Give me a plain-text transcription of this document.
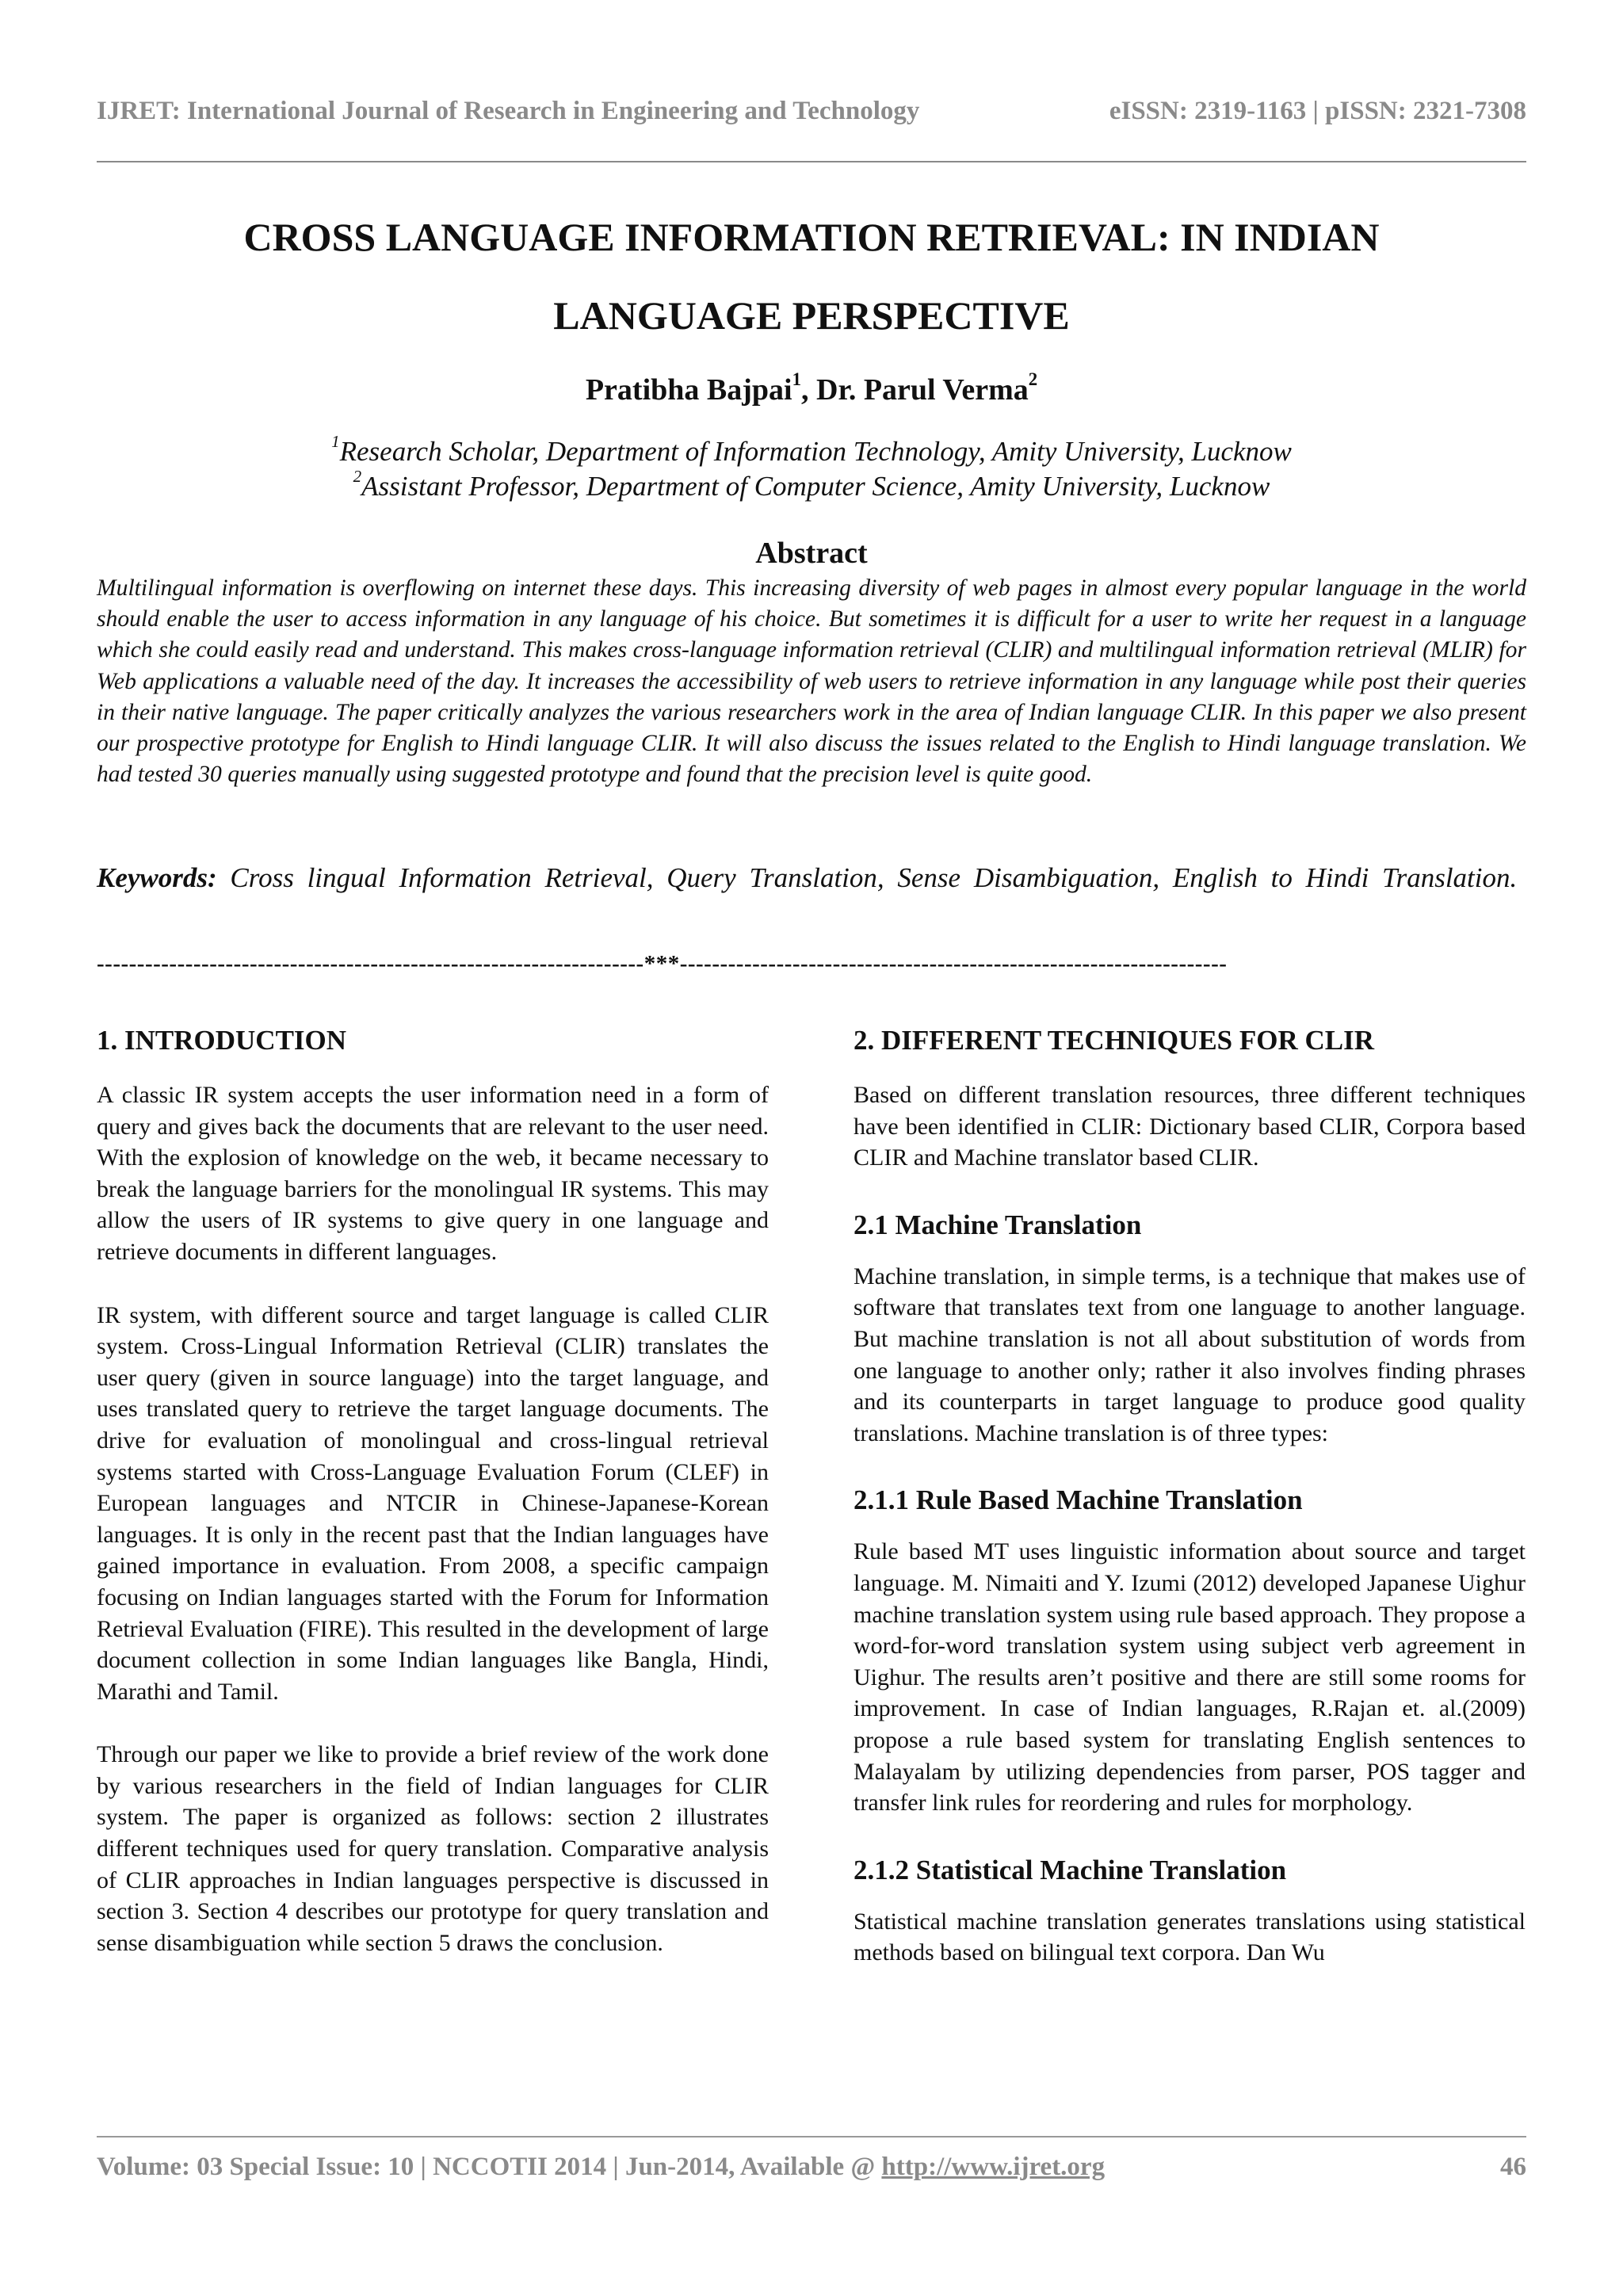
IJRET: International Journal of Research in Engineering and Technology	eISSN: 2319-1163 | pISSN: 2321-7308
CROSS LANGUAGE INFORMATION RETRIEVAL: IN INDIAN
LANGUAGE PERSPECTIVE
Pratibha Bajpai$^1$, Dr. Parul Verma$^2$
$^1$Research Scholar, Department of Information Technology, Amity University, Lucknow
$^2$Assistant Professor, Department of Computer Science, Amity University, Lucknow
Abstract
Multilingual information is overflowing on internet these days. This increasing diversity of web pages in almost every popular language in the world should enable the user to access information in any language of his choice. But sometimes it is difficult for a user to write her request in a language which she could easily read and understand. This makes cross-language information retrieval (CLIR) and multilingual information retrieval (MLIR) for Web applications a valuable need of the day. It increases the accessibility of web users to retrieve information in any language while post their queries in their native language. The paper critically analyzes the various researchers work in the area of Indian language CLIR. In this paper we also present our prospective prototype for English to Hindi language CLIR. It will also discuss the issues related to the English to Hindi language translation. We had tested 30 queries manually using suggested prototype and found that the precision level is quite good.
Keywords: Cross lingual Information Retrieval, Query Translation, Sense Disambiguation, English to Hindi Translation.
--------------------------------------------------------------------***--------------------------------------------------------------------
1. INTRODUCTION

A classic IR system accepts the user information need in a form of query and gives back the documents that are relevant to the user need. With the explosion of knowledge on the web, it became necessary to break the language barriers for the monolingual IR systems. This may allow the users of IR systems to give query in one language and retrieve documents in different languages.

IR system, with different source and target language is called CLIR system. Cross-Lingual Information Retrieval (CLIR) translates the user query (given in source language) into the target language, and uses translated query to retrieve the target language documents. The drive for evaluation of monolingual and cross-lingual retrieval systems started with Cross-Language Evaluation Forum (CLEF) in European languages and NTCIR in Chinese-Japanese-Korean languages. It is only in the recent past that the Indian languages have gained importance in evaluation. From 2008, a specific campaign focusing on Indian languages started with the Forum for Information Retrieval Evaluation (FIRE). This resulted in the development of large document collection in some Indian languages like Bangla, Hindi, Marathi and Tamil.

Through our paper we like to provide a brief review of the work done by various researchers in the field of Indian languages for CLIR system. The paper is organized as follows: section 2 illustrates different techniques used for query translation. Comparative analysis of CLIR approaches in Indian languages perspective is discussed in section 3. Section 4 describes our prototype for query translation and sense disambiguation while section 5 draws the conclusion.

2. DIFFERENT TECHNIQUES FOR CLIR

Based on different translation resources, three different techniques have been identified in CLIR: Dictionary based CLIR, Corpora based CLIR and Machine translator based CLIR.

2.1 Machine Translation

Machine translation, in simple terms, is a technique that makes use of software that translates text from one language to another language. But machine translation is not all about substitution of words from one language to another only; rather it also involves finding phrases and its counterparts in target language to produce good quality translations. Machine translation is of three types:

2.1.1 Rule Based Machine Translation

Rule based MT uses linguistic information about source and target language. M. Nimaiti and Y. Izumi (2012) developed Japanese Uighur machine translation system using rule based approach. They propose a word-for-word translation system using subject verb agreement in Uighur. The results aren’t positive and there are still some rooms for improvement. In case of Indian languages, R.Rajan et. al.(2009) propose a rule based system for translating English sentences to Malayalam by utilizing dependencies from parser, POS tagger and transfer link rules for reordering and rules for morphology.

2.1.2 Statistical Machine Translation

Statistical machine translation generates translations using statistical methods based on bilingual text corpora. Dan Wu

Volume: 03 Special Issue: 10 | NCCOTII 2014 | Jun-2014, Available @ http://www.ijret.org	46
